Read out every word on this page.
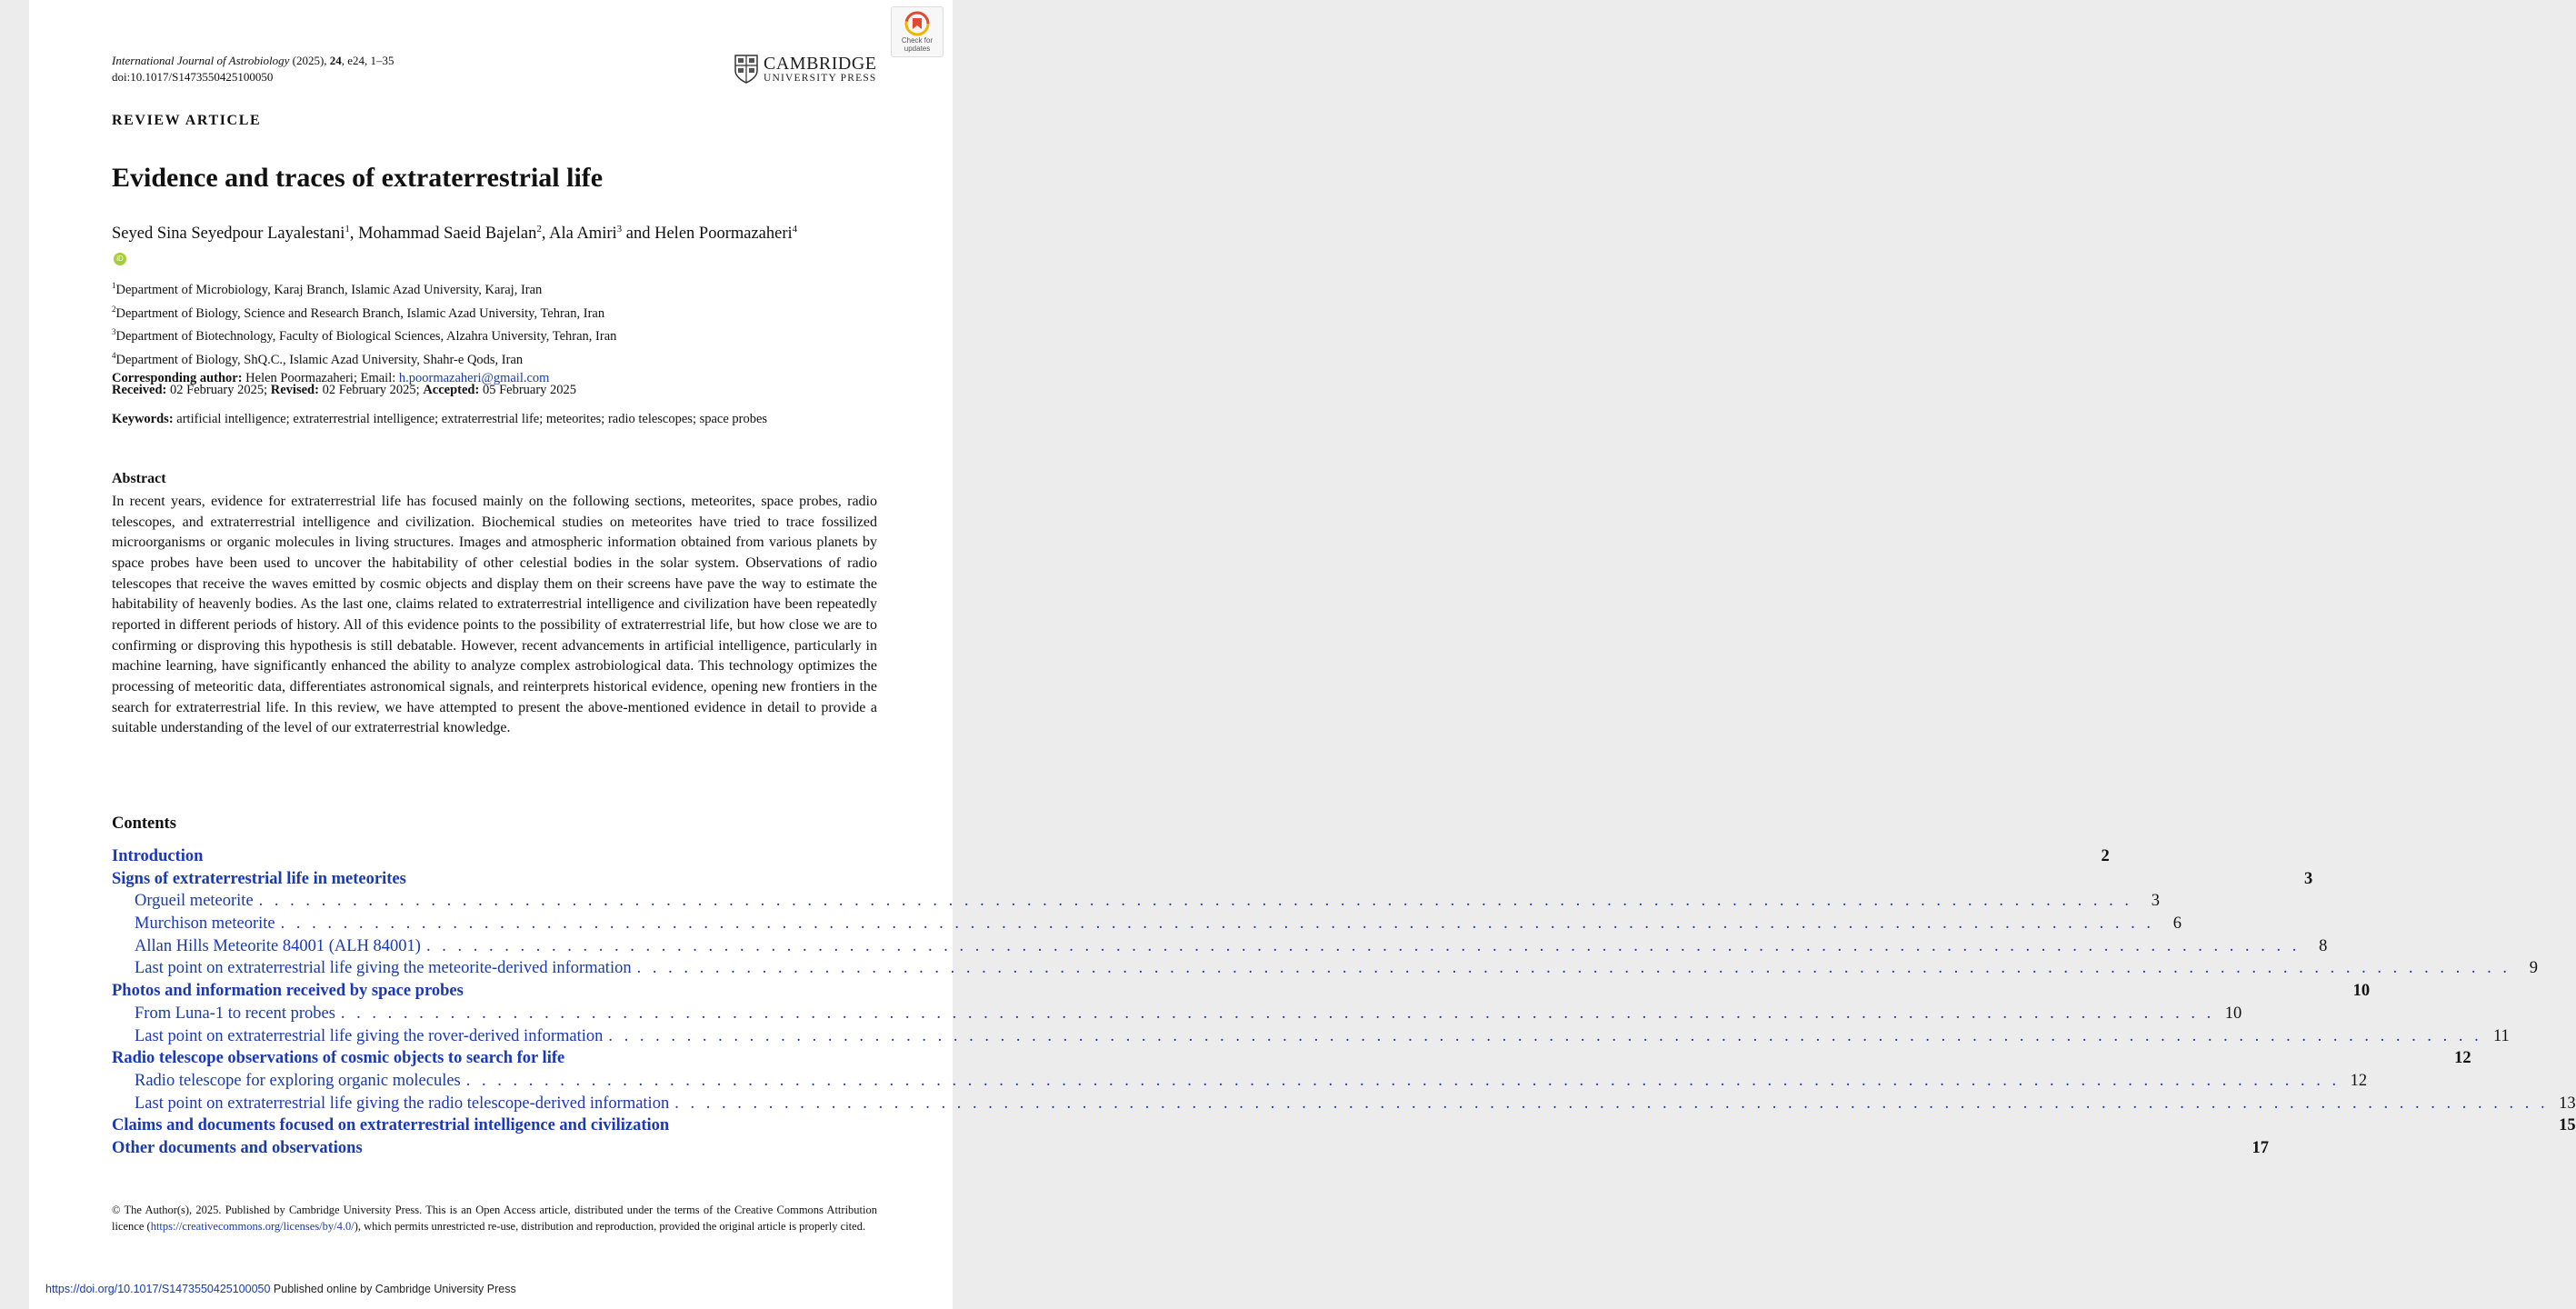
International Journal of Astrobiology (2025), 24, e24, 1–35
doi:10.1017/S1473550425100050
CAMBRIDGE
UNIVERSITY PRESS
Check for
updates
REVIEW ARTICLE
Evidence and traces of extraterrestrial life
Seyed Sina Seyedpour Layalestani$^1$, Mohammad Saeid Bajelan$^2$, Ala Amiri$^3$ and Helen Poormazaheri$^4$iD
$^1$Department of Microbiology, Karaj Branch, Islamic Azad University, Karaj, Iran
$^2$Department of Biology, Science and Research Branch, Islamic Azad University, Tehran, Iran
$^3$Department of Biotechnology, Faculty of Biological Sciences, Alzahra University, Tehran, Iran
$^4$Department of Biology, ShQ.C., Islamic Azad University, Shahr-e Qods, Iran
Corresponding author: Helen Poormazaheri; Email: h.poormazaheri@gmail.com
Received: 02 February 2025; Revised: 02 February 2025; Accepted: 05 February 2025
Keywords: artificial intelligence; extraterrestrial intelligence; extraterrestrial life; meteorites; radio telescopes; space probes
Abstract
In recent years, evidence for extraterrestrial life has focused mainly on the following sections, meteorites, space probes, radio telescopes, and extraterrestrial intelligence and civilization. Biochemical studies on meteorites have tried to trace fossilized microorganisms or organic molecules in living structures. Images and atmospheric information obtained from various planets by space probes have been used to uncover the habitability of other celestial bodies in the solar system. Observations of radio telescopes that receive the waves emitted by cosmic objects and display them on their screens have pave the way to estimate the habitability of heavenly bodies. As the last one, claims related to extraterrestrial intelligence and civilization have been repeatedly reported in different periods of history. All of this evidence points to the possibility of extraterrestrial life, but how close we are to confirming or disproving this hypothesis is still debatable. However, recent advancements in artificial intelligence, particularly in machine learning, have significantly enhanced the ability to analyze complex astrobiological data. This technology optimizes the processing of meteoritic data, differentiates astronomical signals, and reinterprets historical evidence, opening new frontiers in the search for extraterrestrial life. In this review, we have attempted to present the above-mentioned evidence in detail to provide a suitable understanding of the level of our extraterrestrial knowledge.
Contents
Introduction	2
Signs of extraterrestrial life in meteorites	3
Orgueil meteorite . . . . . . . . . . . . . . . . . . . . . . . . . . . . . . . . . . . . . . . . . . . . . . . . . . . . . . . . . . . . . . . . . . . . . . . . . . . . . . . . . . . . . . . . . . . . . . . . . . . . . . . . . . . . . . . . . . . . . . . .	3
Murchison meteorite . . . . . . . . . . . . . . . . . . . . . . . . . . . . . . . . . . . . . . . . . . . . . . . . . . . . . . . . . . . . . . . . . . . . . . . . . . . . . . . . . . . . . . . . . . . . . . . . . . . . . . . . . . . . . . . . . . . . . . . .	6
Allan Hills Meteorite 84001 (ALH 84001) . . . . . . . . . . . . . . . . . . . . . . . . . . . . . . . . . . . . . . . . . . . . . . . . . . . . . . . . . . . . . . . . . . . . . . . . . . . . . . . . . . . . . . . . . . . . . . . . . . . . . . . . . . . . . . . . . . . . . . . .	8
Last point on extraterrestrial life giving the meteorite-derived information . . . . . . . . . . . . . . . . . . . . . . . . . . . . . . . . . . . . . . . . . . . . . . . . . . . . . . . . . . . . . . . . . . . . . . . . . . . . . . . . . . . . . . . . . . . . . . . . . . . . . . . . . . . . . . . . . . . . . . . .	9
Photos and information received by space probes	10
From Luna-1 to recent probes . . . . . . . . . . . . . . . . . . . . . . . . . . . . . . . . . . . . . . . . . . . . . . . . . . . . . . . . . . . . . . . . . . . . . . . . . . . . . . . . . . . . . . . . . . . . . . . . . . . . . . . . . . . . . . . . . . . . . . . . 10
Last point on extraterrestrial life giving the rover-derived information . . . . . . . . . . . . . . . . . . . . . . . . . . . . . . . . . . . . . . . . . . . . . . . . . . . . . . . . . . . . . . . . . . . . . . . . . . . . . . . . . . . . . . . . . . . . . . . . . . . . . . . . . . . . . . . . . . . . . . . . 11
Radio telescope observations of cosmic objects to search for life	12
Radio telescope for exploring organic molecules . . . . . . . . . . . . . . . . . . . . . . . . . . . . . . . . . . . . . . . . . . . . . . . . . . . . . . . . . . . . . . . . . . . . . . . . . . . . . . . . . . . . . . . . . . . . . . . . . . . . . . . . . . . . . . . . . . . . . . . . 12
Last point on extraterrestrial life giving the radio telescope-derived information . . . . . . . . . . . . . . . . . . . . . . . . . . . . . . . . . . . . . . . . . . . . . . . . . . . . . . . . . . . . . . . . . . . . . . . . . . . . . . . . . . . . . . . . . . . . . . . . . . . . . . . . . . . . . . . . . . . . . . . . 13
Claims and documents focused on extraterrestrial intelligence and civilization	15
Other documents and observations	17
© The Author(s), 2025. Published by Cambridge University Press. This is an Open Access article, distributed under the terms of the Creative Commons Attribution licence (https://creativecommons.org/licenses/by/4.0/), which permits unrestricted re-use, distribution and reproduction, provided the original article is properly cited.
https://doi.org/10.1017/S1473550425100050 Published online by Cambridge University Press
